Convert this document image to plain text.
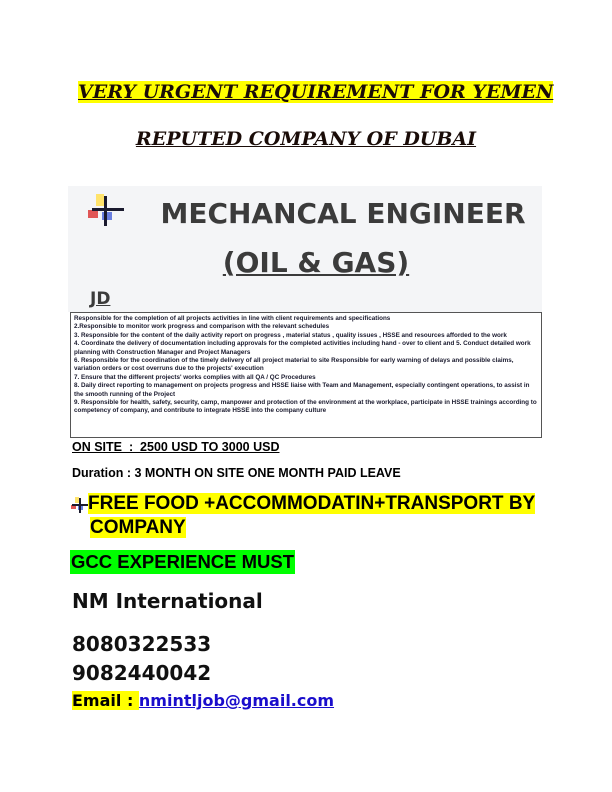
VERY URGENT REQUIREMENT FOR YEMEN
REPUTED COMPANY OF DUBAI
MECHANCAL ENGINEER
(OIL & GAS)
JD

Responsible for the completion of all projects activities in line with client requirements and specifications

2.Responsible to monitor work progress and comparison with the relevant schedules

3. Responsible for the content of the daily activity report on progress , material status , quality issues , HSSE and resources afforded to the work

4. Coordinate the delivery of documentation including approvals for the completed activities including hand - over to client and 5. Conduct detailed work planning with Construction Manager and Project Managers

6. Responsible for the coordination of the timely delivery of all project material to site Responsible for early warning of delays and possible claims, variation orders or cost overruns due to the projects' execution

7. Ensure that the different projects' works complies with all QA / QC Procedures

8. Daily direct reporting to management on projects progress and HSSE liaise with Team and Management, especially contingent operations, to assist in the smooth running of the Project

9. Responsible for health, safety, security, camp, manpower and protection of the environment at the workplace, participate in HSSE trainings according to competency of company, and contribute to integrate HSSE into the company culture

ON SITE  :  2500 USD TO 3000 USD
Duration : 3 MONTH ON SITE ONE MONTH PAID LEAVE
FREE FOOD +ACCOMMODATIN+TRANSPORT BY
COMPANY
GCC EXPERIENCE MUST
NM International
8080322533
9082440042
Email : nmintljob@gmail.com
